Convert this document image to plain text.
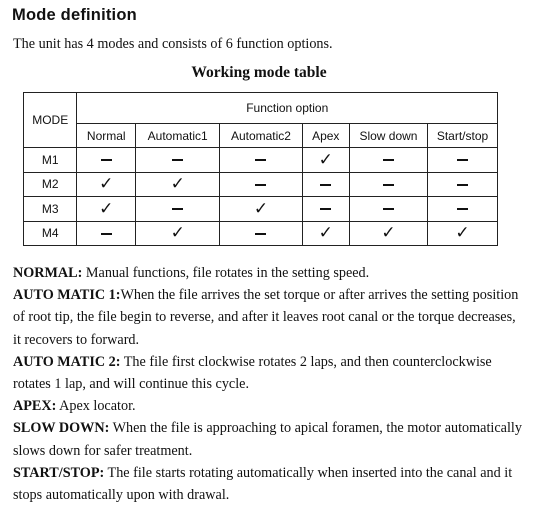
Mode definition
The unit has 4 modes and consists of 6 function options.
Working mode table
MODE	Function option					
	Normal	Automatic1	Automatic2	Apex	Slow down	Start/stop
M1				✓		
M2	✓	✓				
M3	✓		✓			
M4		✓		✓	✓	✓

NORMAL: Manual functions, file rotates in the setting speed.

AUTO MATIC 1:When the file arrives the set torque or after arrives the setting position of root tip, the file begin to reverse, and after it leaves root canal or the torque decreases, it recovers to forward.

AUTO MATIC 2: The file first clockwise rotates 2 laps, and then counterclockwise rotates 1 lap, and will continue this cycle.

APEX: Apex locator.

SLOW DOWN: When the file is approaching to apical foramen, the motor automatically slows down for safer treatment.

START/STOP: The file starts rotating automatically when inserted into the canal and it stops automatically upon with drawal.
